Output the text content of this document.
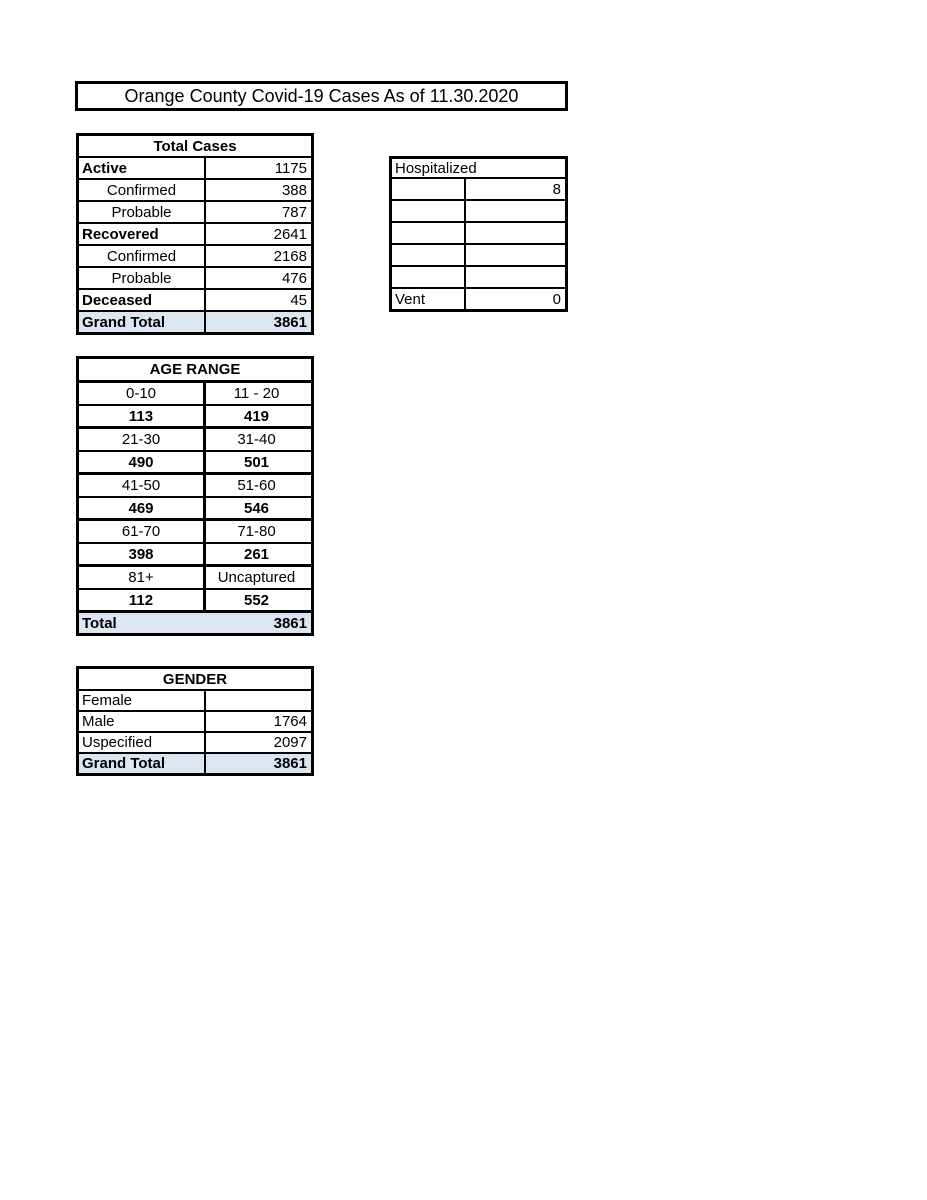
Orange County Covid-19 Cases As of 11.30.2020
Total Cases
Active	1175
Confirmed	388
Probable	787
Recovered	2641
Confirmed	2168
Probable	476
Deceased	45
Grand Total	3861
Hospitalized
8
Vent	0
AGE RANGE
0-10	11 - 20
113	419
21-30	31-40
490	501
41-50	51-60
469	546
61-70	71-80
398	261
81+	Uncaptured
112	552
Total	3861
GENDER
Female
Male	1764
Uspecified	2097
Grand Total	3861
